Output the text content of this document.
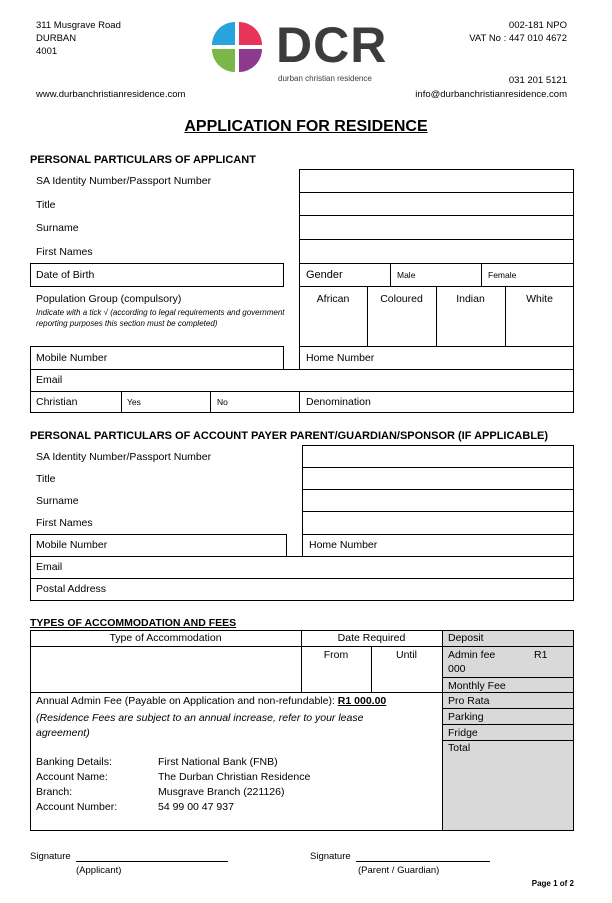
311 Musgrave Road
DURBAN
4001
www.durbanchristianresidence.com
DCR
durban christian residence
002-181 NPO
VAT No : 447 010 4672
031 201 5121
info@durbanchristianresidence.com
APPLICATION FOR RESIDENCE
PERSONAL PARTICULARS OF APPLICANT
SA Identity Number/Passport Number
Title
Surname
First Names
Date of Birth	Gender	Male	Female
Population Group (compulsory)
Indicate with a tick √ (according to legal requirements and government reporting purposes this section must be completed)
African	Coloured	Indian	White
Mobile Number	Home Number
Email
Christian	Yes	No	Denomination
PERSONAL PARTICULARS OF ACCOUNT PAYER PARENT/GUARDIAN/SPONSOR (IF APPLICABLE)
SA Identity Number/Passport Number
Title
Surname
First Names
Mobile Number	Home Number
Email
Postal Address
TYPES OF ACCOMMODATION AND FEES
Type of Accommodation	Date Required
From	Until
Deposit
Admin fee	R1
000
Monthly Fee
Pro Rata
Parking
Fridge
Total
Annual Admin Fee (Payable on Application and non-refundable): R1 000.00
(Residence Fees are subject to an annual increase, refer to your lease agreement)
Banking Details:	First National Bank (FNB)
Account Name:	The Durban Christian Residence
Branch:	Musgrave Branch (221126)
Account Number:	54 99 00 47 937
Signature
(Applicant)
Signature
(Parent / Guardian)
Page 1 of 2
